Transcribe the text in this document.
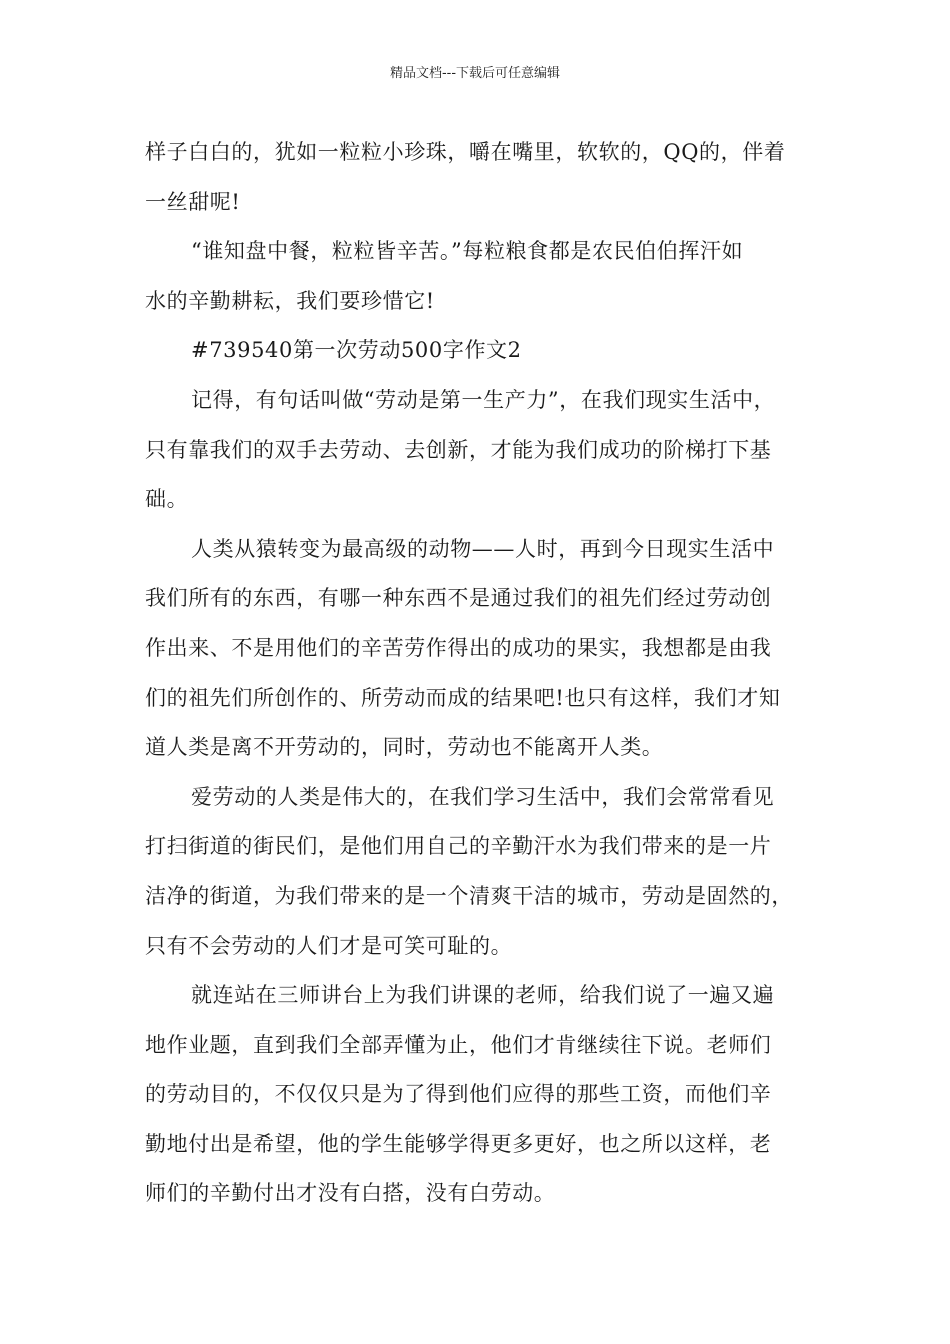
精品文档---下载后可任意编辑
样子白白的，犹如一粒粒小珍珠，嚼在嘴里，软软的，QQ的，伴着
一丝甜呢!
“谁知盘中餐，粒粒皆辛苦。”每粒粮食都是农民伯伯挥汗如
水的辛勤耕耘，我们要珍惜它!
#739540第一次劳动500字作文2
记得，有句话叫做“劳动是第一生产力”，在我们现实生活中，
只有靠我们的双手去劳动、去创新，才能为我们成功的阶梯打下基
础。
人类从猿转变为最高级的动物——人时，再到今日现实生活中
我们所有的东西，有哪一种东西不是通过我们的祖先们经过劳动创
作出来、不是用他们的辛苦劳作得出的成功的果实，我想都是由我
们的祖先们所创作的、所劳动而成的结果吧!也只有这样，我们才知
道人类是离不开劳动的，同时，劳动也不能离开人类。
爱劳动的人类是伟大的，在我们学习生活中，我们会常常看见
打扫街道的街民们，是他们用自己的辛勤汗水为我们带来的是一片
洁净的街道，为我们带来的是一个清爽干洁的城市，劳动是固然的，
只有不会劳动的人们才是可笑可耻的。
就连站在三师讲台上为我们讲课的老师，给我们说了一遍又遍
地作业题，直到我们全部弄懂为止，他们才肯继续往下说。老师们
的劳动目的，不仅仅只是为了得到他们应得的那些工资，而他们辛
勤地付出是希望，他的学生能够学得更多更好，也之所以这样，老
师们的辛勤付出才没有白搭，没有白劳动。
